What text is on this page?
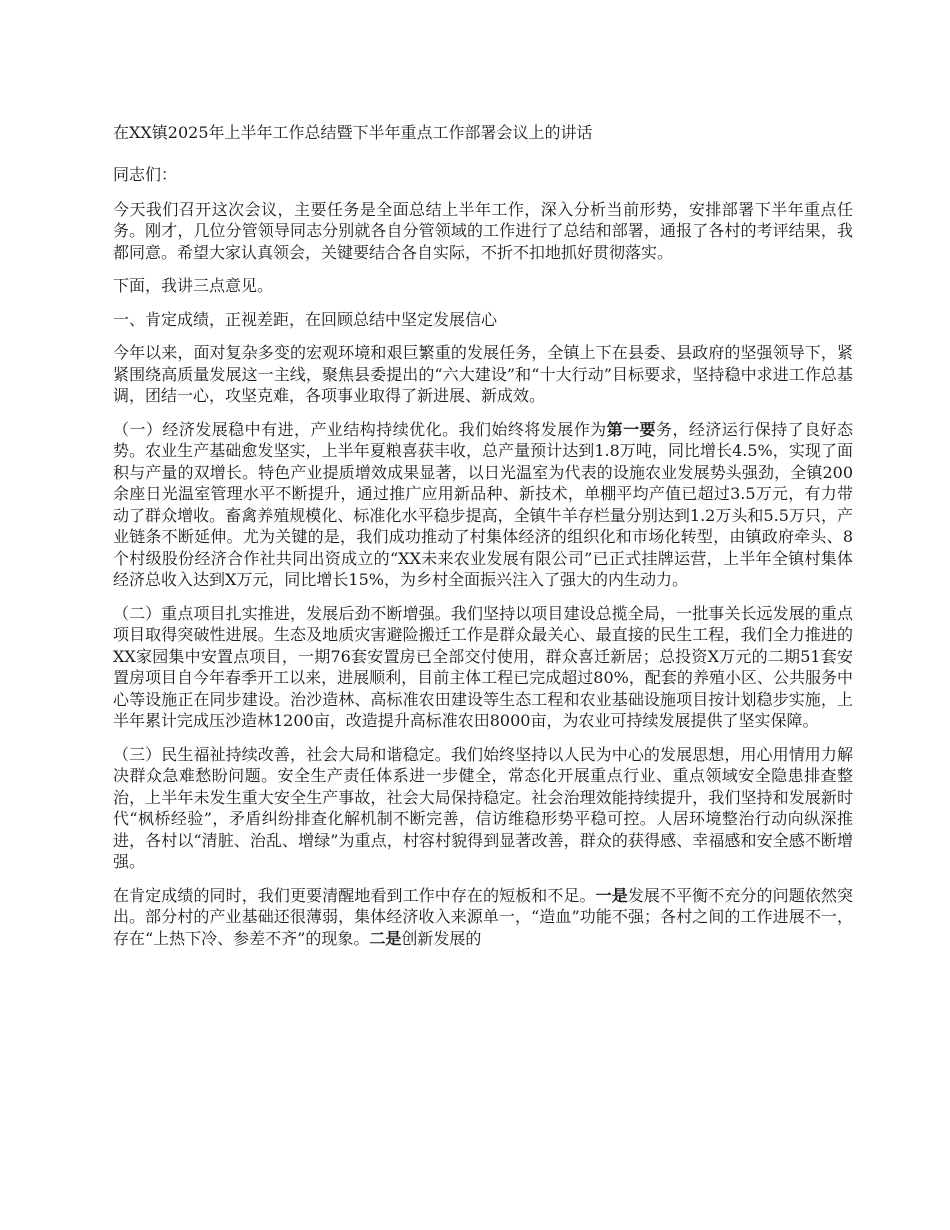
在XX镇2025年上半年工作总结暨下半年重点工作部署会议上的讲话
同志们：
今天我们召开这次会议，主要任务是全面总结上半年工作，深入分析当前形势，安排部署下半年重点任务。刚才，几位分管领导同志分别就各自分管领域的工作进行了总结和部署，通报了各村的考评结果，我都同意。希望大家认真领会，关键要结合各自实际，不折不扣地抓好贯彻落实。
下面，我讲三点意见。
一、肯定成绩，正视差距，在回顾总结中坚定发展信心
今年以来，面对复杂多变的宏观环境和艰巨繁重的发展任务，全镇上下在县委、县政府的坚强领导下，紧紧围绕高质量发展这一主线，聚焦县委提出的“六大建设”和“十大行动”目标要求，坚持稳中求进工作总基调，团结一心，攻坚克难，各项事业取得了新进展、新成效。
（一）经济发展稳中有进，产业结构持续优化。我们始终将发展作为第一要务，经济运行保持了良好态势。农业生产基础愈发坚实，上半年夏粮喜获丰收，总产量预计达到1.8万吨，同比增长4.5%，实现了面积与产量的双增长。特色产业提质增效成果显著，以日光温室为代表的设施农业发展势头强劲，全镇200余座日光温室管理水平不断提升，通过推广应用新品种、新技术，单棚平均产值已超过3.5万元，有力带动了群众增收。畜禽养殖规模化、标准化水平稳步提高，全镇牛羊存栏量分别达到1.2万头和5.5万只，产业链条不断延伸。尤为关键的是，我们成功推动了村集体经济的组织化和市场化转型，由镇政府牵头、8个村级股份经济合作社共同出资成立的“XX未来农业发展有限公司”已正式挂牌运营，上半年全镇村集体经济总收入达到X万元，同比增长15%，为乡村全面振兴注入了强大的内生动力。
（二）重点项目扎实推进，发展后劲不断增强。我们坚持以项目建设总揽全局，一批事关长远发展的重点项目取得突破性进展。生态及地质灾害避险搬迁工作是群众最关心、最直接的民生工程，我们全力推进的XX家园集中安置点项目，一期76套安置房已全部交付使用，群众喜迁新居；总投资X万元的二期51套安置房项目自今年春季开工以来，进展顺利，目前主体工程已完成超过80%，配套的养殖小区、公共服务中心等设施正在同步建设。治沙造林、高标准农田建设等生态工程和农业基础设施项目按计划稳步实施，上半年累计完成压沙造林1200亩，改造提升高标准农田8000亩，为农业可持续发展提供了坚实保障。
（三）民生福祉持续改善，社会大局和谐稳定。我们始终坚持以人民为中心的发展思想，用心用情用力解决群众急难愁盼问题。安全生产责任体系进一步健全，常态化开展重点行业、重点领域安全隐患排查整治，上半年未发生重大安全生产事故，社会大局保持稳定。社会治理效能持续提升，我们坚持和发展新时代“枫桥经验”，矛盾纠纷排查化解机制不断完善，信访维稳形势平稳可控。人居环境整治行动向纵深推进，各村以“清脏、治乱、增绿”为重点，村容村貌得到显著改善，群众的获得感、幸福感和安全感不断增强。
在肯定成绩的同时，我们更要清醒地看到工作中存在的短板和不足。一是发展不平衡不充分的问题依然突出。部分村的产业基础还很薄弱，集体经济收入来源单一，“造血”功能不强；各村之间的工作进展不一，存在“上热下冷、参差不齐”的现象。二是创新发展的
